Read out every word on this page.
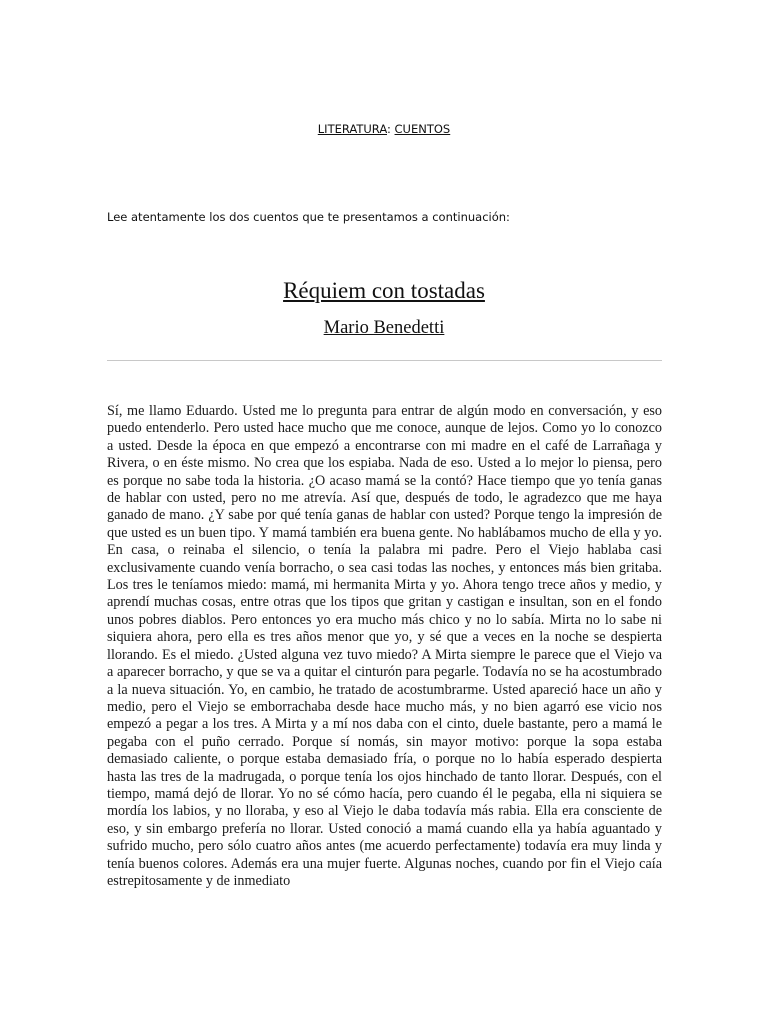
LITERATURA: CUENTOS
Lee atentamente los dos cuentos que te presentamos a continuación:
Réquiem con tostadas
Mario Benedetti
Sí, me llamo Eduardo. Usted me lo pregunta para entrar de algún modo en conversación, y eso puedo entenderlo. Pero usted hace mucho que me conoce, aunque de lejos. Como yo lo conozco a usted. Desde la época en que empezó a encontrarse con mi madre en el café de Larrañaga y Rivera, o en éste mismo. No crea que los espiaba. Nada de eso. Usted a lo mejor lo piensa, pero es porque no sabe toda la historia. ¿O acaso mamá se la contó? Hace tiempo que yo tenía ganas de hablar con usted, pero no me atrevía. Así que, después de todo, le agradezco que me haya ganado de mano. ¿Y sabe por qué tenía ganas de hablar con usted? Porque tengo la impresión de que usted es un buen tipo. Y mamá también era buena gente. No hablábamos mucho de ella y yo. En casa, o reinaba el silencio, o tenía la palabra mi padre. Pero el Viejo hablaba casi exclusivamente cuando venía borracho, o sea casi todas las noches, y entonces más bien gritaba. Los tres le teníamos miedo: mamá, mi hermanita Mirta y yo. Ahora tengo trece años y medio, y aprendí muchas cosas, entre otras que los tipos que gritan y castigan e insultan, son en el fondo unos pobres diablos. Pero entonces yo era mucho más chico y no lo sabía. Mirta no lo sabe ni siquiera ahora, pero ella es tres años menor que yo, y sé que a veces en la noche se despierta llorando. Es el miedo. ¿Usted alguna vez tuvo miedo? A Mirta siempre le parece que el Viejo va a aparecer borracho, y que se va a quitar el cinturón para pegarle. Todavía no se ha acostumbrado a la nueva situación. Yo, en cambio, he tratado de acostumbrarme. Usted apareció hace un año y medio, pero el Viejo se emborrachaba desde hace mucho más, y no bien agarró ese vicio nos empezó a pegar a los tres. A Mirta y a mí nos daba con el cinto, duele bastante, pero a mamá le pegaba con el puño cerrado. Porque sí nomás, sin mayor motivo: porque la sopa estaba demasiado caliente, o porque estaba demasiado fría, o porque no lo había esperado despierta hasta las tres de la madrugada, o porque tenía los ojos hinchado de tanto llorar. Después, con el tiempo, mamá dejó de llorar. Yo no sé cómo hacía, pero cuando él le pegaba, ella ni siquiera se mordía los labios, y no lloraba, y eso al Viejo le daba todavía más rabia. Ella era consciente de eso, y sin embargo prefería no llorar. Usted conoció a mamá cuando ella ya había aguantado y sufrido mucho, pero sólo cuatro años antes (me acuerdo perfectamente) todavía era muy linda y tenía buenos colores. Además era una mujer fuerte. Algunas noches, cuando por fin el Viejo caía estrepitosamente y de inmediato
